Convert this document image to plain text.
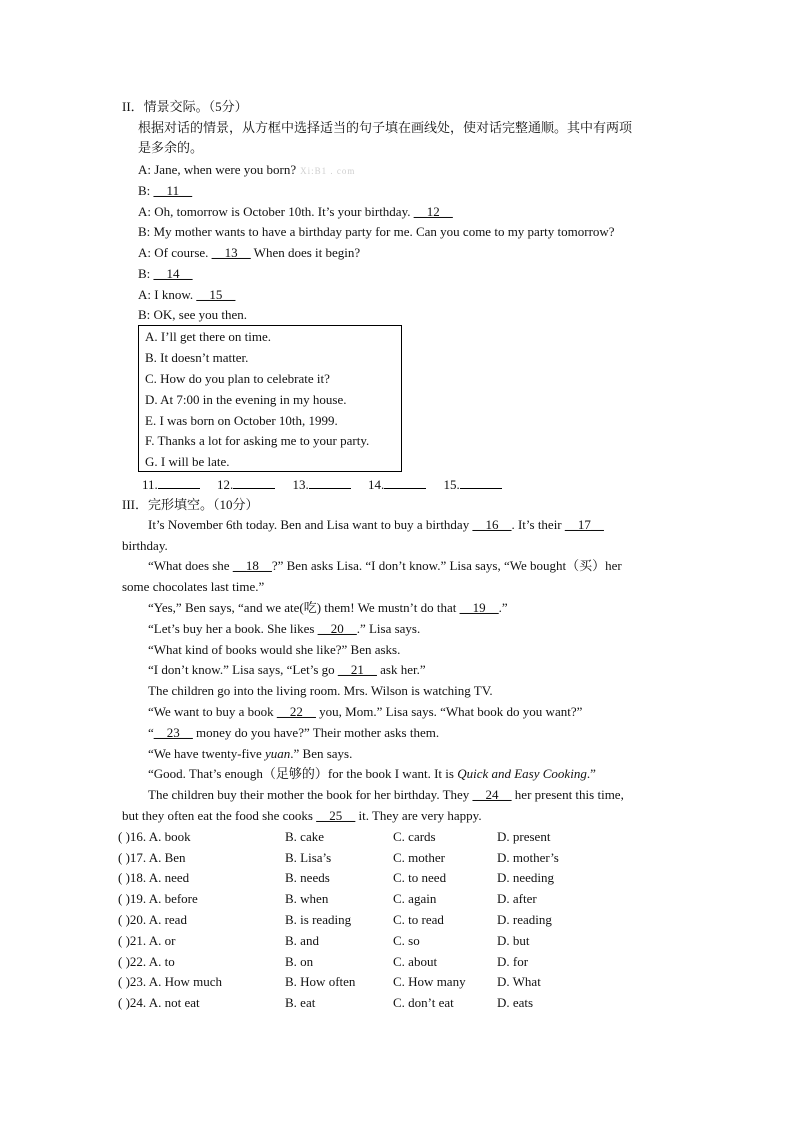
II．情景交际。（5分）
根据对话的情景，从方框中选择适当的句子填在画线处，使对话完整通顺。其中有两项
是多余的。
A: Jane, when were you born? Xi:B1 . com
B: __11__
A: Oh, tomorrow is October 10th. It’s your birthday. __12__
B: My mother wants to have a birthday party for me. Can you come to my party tomorrow?
A: Of course. __13__ When does it begin?
B: __14__
A: I know. __15__
B: OK, see you then.
A. I’ll get there on time.
B. It doesn’t matter.
C. How do you plan to celebrate it?
D. At 7:00 in the evening in my house.
E. I was born on October 10th, 1999.
F. Thanks a lot for asking me to your party.
G. I will be late.
11.	12.	13.	14.	15.
III．完形填空。（10分）
It’s November 6th today. Ben and Lisa want to buy a birthday __16__. It’s their __17__
birthday.
“What does she __18__?” Ben asks Lisa. “I don’t know.” Lisa says, “We bought（买）her
some chocolates last time.”
“Yes,” Ben says, “and we ate(吃) them! We mustn’t do that __19__.”
“Let’s buy her a book. She likes __20__.” Lisa says.
“What kind of books would she like?” Ben asks.
“I don’t know.” Lisa says, “Let’s go __21__ ask her.”
The children go into the living room. Mrs. Wilson is watching TV.
“We want to buy a book __22__ you, Mom.” Lisa says. “What book do you want?”
“__23__ money do you have?” Their mother asks them.
“We have twenty-five yuan.” Ben says.
“Good. That’s enough（足够的）for the book I want. It is Quick and Easy Cooking.”
The children buy their mother the book for her birthday. They __24__ her present this time,
but they often eat the food she cooks __25__ it. They are very happy.
( )16. A. book	B. cake	C. cards	D. present
( )17. A. Ben	B. Lisa’s	C. mother	D. mother’s
( )18. A. need	B. needs	C. to need	D. needing
( )19. A. before	B. when	C. again	D. after
( )20. A. read	B. is reading	C. to read	D. reading
( )21. A. or	B. and	C. so	D. but
( )22. A. to	B. on	C. about	D. for
( )23. A. How much	B. How often	C. How many D. What
( )24. A. not eat	B. eat	C. don’t eat	D. eats
